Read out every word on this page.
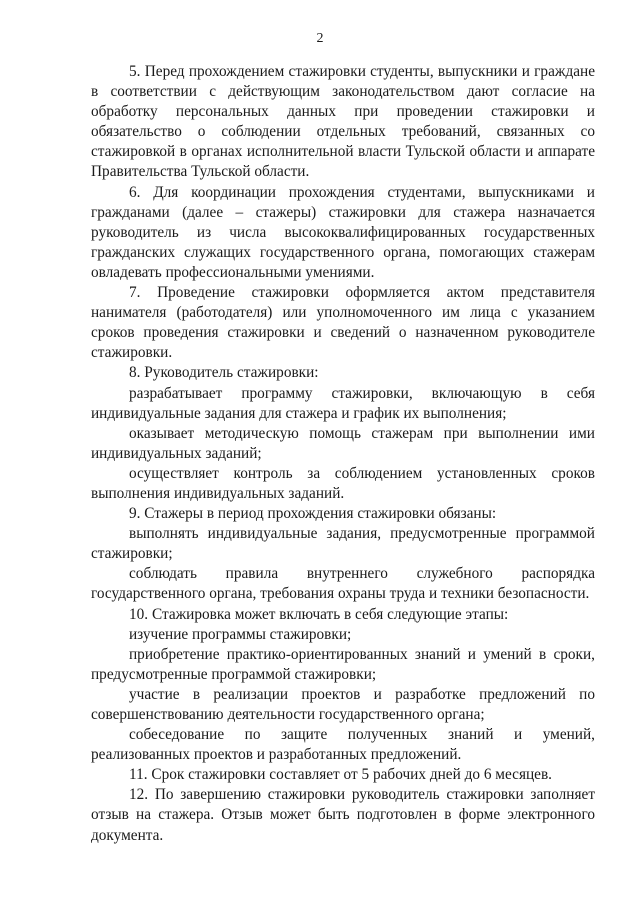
2

5. Перед прохождением стажировки студенты, выпускники и граждане в соответствии с действующим законодательством дают согласие на обработку персональных данных при проведении стажировки и обязательство о соблюдении отдельных требований, связанных со стажировкой в органах исполнительной власти Тульской области и аппарате Правительства Тульской области.

6. Для координации прохождения студентами, выпускниками и гражданами (далее – стажеры) стажировки для стажера назначается руководитель из числа высококвалифицированных государственных гражданских служащих государственного органа, помогающих стажерам овладевать профессиональными умениями.

7. Проведение стажировки оформляется актом представителя нанимателя (работодателя) или уполномоченного им лица с указанием сроков проведения стажировки и сведений о назначенном руководителе стажировки.

8. Руководитель стажировки:

разрабатывает программу стажировки, включающую в себя индивидуальные задания для стажера и график их выполнения;

оказывает методическую помощь стажерам при выполнении ими индивидуальных заданий;

осуществляет контроль за соблюдением установленных сроков выполнения индивидуальных заданий.

9. Стажеры в период прохождения стажировки обязаны:

выполнять индивидуальные задания, предусмотренные программой стажировки;

соблюдать правила внутреннего служебного распорядка государственного органа, требования охраны труда и техники безопасности.

10. Стажировка может включать в себя следующие этапы:

изучение программы стажировки;

приобретение практико-ориентированных знаний и умений в сроки, предусмотренные программой стажировки;

участие в реализации проектов и разработке предложений по совершенствованию деятельности государственного органа;

собеседование по защите полученных знаний и умений, реализованных проектов и разработанных предложений.

11. Срок стажировки составляет от 5 рабочих дней до 6 месяцев.

12. По завершению стажировки руководитель стажировки заполняет отзыв на стажера. Отзыв может быть подготовлен в форме электронного документа.
